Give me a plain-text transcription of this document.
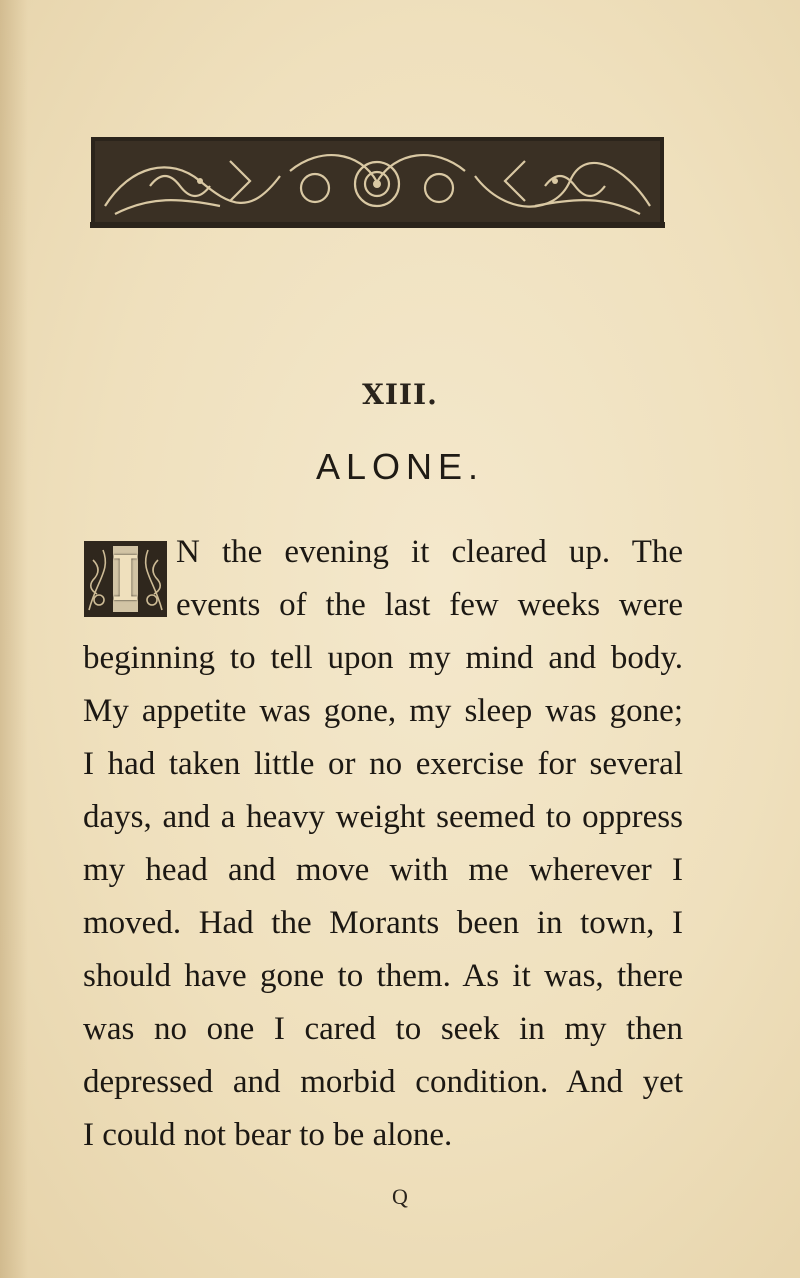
XIII.
ALONE.
I	N the evening it cleared up. The
events of the last few weeks were
beginning to tell upon my mind and body.
My appetite was gone, my sleep was gone;
I had taken little or no exercise for several
days, and a heavy weight seemed to oppress
my head and move with me wherever I
moved. Had the Morants been in town, I
should have gone to them. As it was, there
was no one I cared to seek in my then
depressed and morbid condition. And yet
I could not bear to be alone.
Q
